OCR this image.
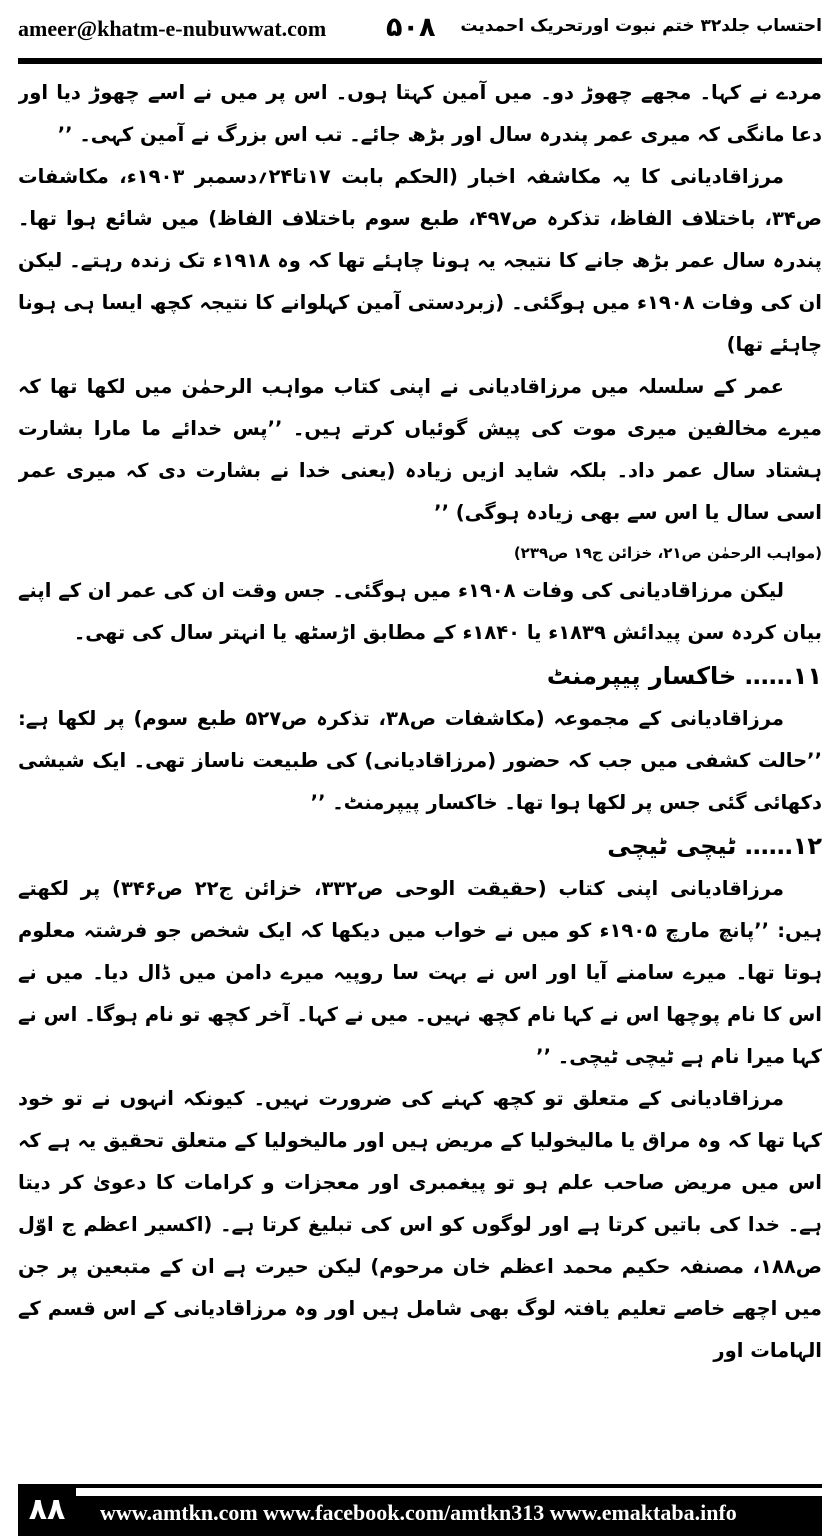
ameer@khatm-e-nubuwwat.com ۵۰۸ احتساب جلد۳۲ ختم نبوت اورتحریک احمدیت

مردے نے کہا۔ مجھے چھوڑ دو۔ میں آمین کہتا ہوں۔ اس پر میں نے اسے چھوڑ دیا اور دعا مانگی کہ میری عمر پندرہ سال اور بڑھ جائے۔ تب اس بزرگ نے آمین کہی۔ ’’

مرزاقادیانی کا یہ مکاشفہ اخبار (الحکم بابت ۱۷تا۲۴؍دسمبر ۱۹۰۳ء، مکاشفات ص۳۴، باختلاف الفاظ، تذکرہ ص۴۹۷، طبع سوم باختلاف الفاظ) میں شائع ہوا تھا۔ پندرہ سال عمر بڑھ جانے کا نتیجہ یہ ہونا چاہئے تھا کہ وہ ۱۹۱۸ء تک زندہ رہتے۔ لیکن ان کی وفات ۱۹۰۸ء میں ہوگئی۔ (زبردستی آمین کہلوانے کا نتیجہ کچھ ایسا ہی ہونا چاہئے تھا)

عمر کے سلسلہ میں مرزاقادیانی نے اپنی کتاب مواہب الرحمٰن میں لکھا تھا کہ میرے مخالفین میری موت کی پیش گوئیاں کرتے ہیں۔ ’’پس خدائے ما مارا بشارت ہشتاد سال عمر داد۔ بلکہ شاید ازیں زیادہ (یعنی خدا نے بشارت دی کہ میری عمر اسی سال یا اس سے بھی زیادہ ہوگی) ’’

(مواہب الرحمٰن ص۲۱، خزائن ج۱۹ ص۲۳۹)

لیکن مرزاقادیانی کی وفات ۱۹۰۸ء میں ہوگئی۔ جس وقت ان کی عمر ان کے اپنے بیان کردہ سن پیدائش ۱۸۳۹ء یا ۱۸۴۰ء کے مطابق اڑسٹھ یا انہتر سال کی تھی۔

۱۱…… خاکسار پیپرمنٹ

مرزاقادیانی کے مجموعہ (مکاشفات ص۳۸، تذکرہ ص۵۲۷ طبع سوم) پر لکھا ہے: ’’حالت کشفی میں جب کہ حضور (مرزاقادیانی) کی طبیعت ناساز تھی۔ ایک شیشی دکھائی گئی جس پر لکھا ہوا تھا۔ خاکسار پیپرمنٹ۔ ’’

۱۲…… ٹیچی ٹیچی

مرزاقادیانی اپنی کتاب (حقیقت الوحی ص۳۳۲، خزائن ج۲۲ ص۳۴۶) پر لکھتے ہیں: ’’پانچ مارچ ۱۹۰۵ء کو میں نے خواب میں دیکھا کہ ایک شخص جو فرشتہ معلوم ہوتا تھا۔ میرے سامنے آیا اور اس نے بہت سا روپیہ میرے دامن میں ڈال دیا۔ میں نے اس کا نام پوچھا اس نے کہا نام کچھ نہیں۔ میں نے کہا۔ آخر کچھ تو نام ہوگا۔ اس نے کہا میرا نام ہے ٹیچی ٹیچی۔ ’’

مرزاقادیانی کے متعلق تو کچھ کہنے کی ضرورت نہیں۔ کیونکہ انہوں نے تو خود کہا تھا کہ وہ مراق یا مالیخولیا کے مریض ہیں اور مالیخولیا کے متعلق تحقیق یہ ہے کہ اس میں مریض صاحب علم ہو تو پیغمبری اور معجزات و کرامات کا دعویٰ کر دیتا ہے۔ خدا کی باتیں کرتا ہے اور لوگوں کو اس کی تبلیغ کرتا ہے۔ (اکسیر اعظم ج اوّل ص۱۸۸، مصنفہ حکیم محمد اعظم خان مرحوم) لیکن حیرت ہے ان کے متبعین پر جن میں اچھے خاصے تعلیم یافتہ لوگ بھی شامل ہیں اور وہ مرزاقادیانی کے اس قسم کے الہامات اور

۸۸	www.amtkn.com www.facebook.com/amtkn313 www.emaktaba.info
